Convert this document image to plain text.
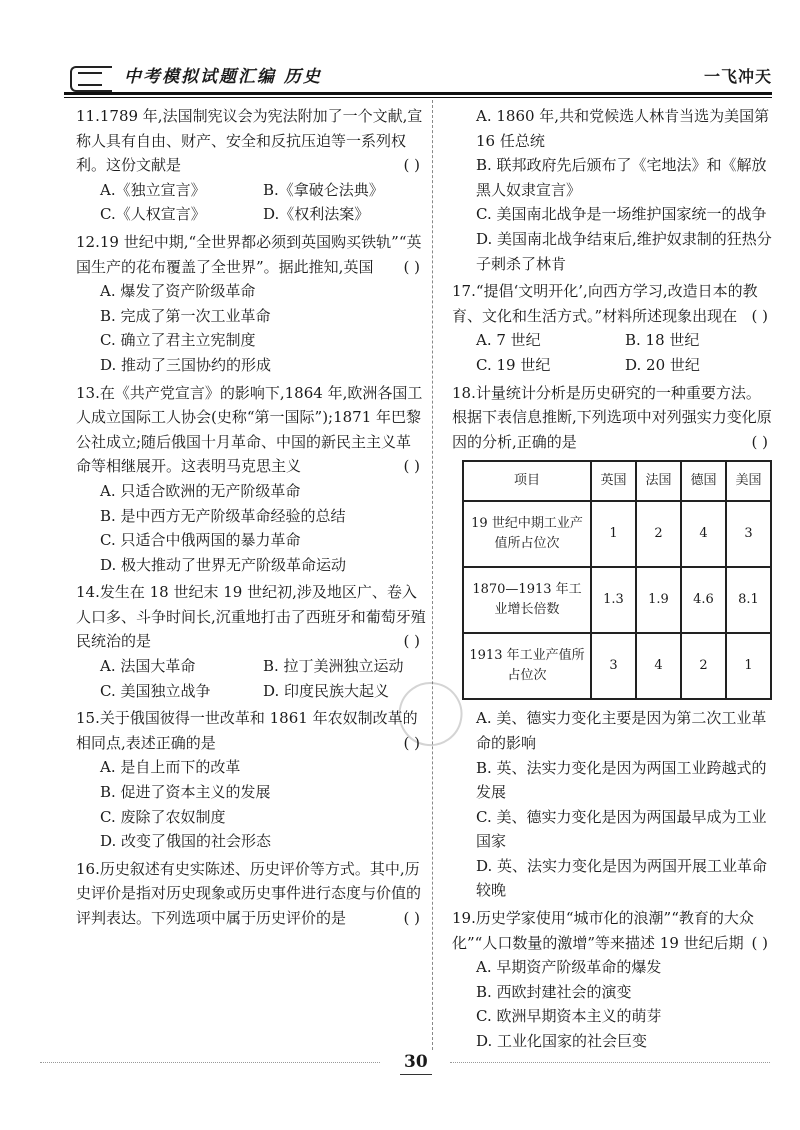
中考模拟试题汇编 历史	一飞冲天
11.1789 年,法国制宪议会为宪法附加了一个文献,宣称人具有自由、财产、安全和反抗压迫等一系列权利。这份文献是	( )
A.《独立宣言》	B.《拿破仑法典》
C.《人权宣言》	D.《权利法案》
12.19 世纪中期,“全世界都必须到英国购买铁轨”“英国生产的花布覆盖了全世界”。据此推知,英国 ( )
A. 爆发了资产阶级革命
B. 完成了第一次工业革命
C. 确立了君主立宪制度
D. 推动了三国协约的形成
13.在《共产党宣言》的影响下,1864 年,欧洲各国工人成立国际工人协会(史称“第一国际”);1871 年巴黎公社成立;随后俄国十月革命、中国的新民主主义革命等相继展开。这表明马克思主义	( )
A. 只适合欧洲的无产阶级革命
B. 是中西方无产阶级革命经验的总结
C. 只适合中俄两国的暴力革命
D. 极大推动了世界无产阶级革命运动
14.发生在 18 世纪末 19 世纪初,涉及地区广、卷入人口多、斗争时间长,沉重地打击了西班牙和葡萄牙殖民统治的是	( )
A. 法国大革命	B. 拉丁美洲独立运动
C. 美国独立战争	D. 印度民族大起义
15.关于俄国彼得一世改革和 1861 年农奴制改革的相同点,表述正确的是	( )
A. 是自上而下的改革
B. 促进了资本主义的发展
C. 废除了农奴制度
D. 改变了俄国的社会形态
16.历史叙述有史实陈述、历史评价等方式。其中,历史评价是指对历史现象或历史事件进行态度与价值的评判表达。下列选项中属于历史评价的是	( )
A. 1860 年,共和党候选人林肯当选为美国第 16 任总统
B. 联邦政府先后颁布了《宅地法》和《解放黑人奴隶宣言》
C. 美国南北战争是一场维护国家统一的战争
D. 美国南北战争结束后,维护奴隶制的狂热分子刺杀了林肯
17.“提倡‘文明开化’,向西方学习,改造日本的教育、文化和生活方式。”材料所述现象出现在 ( )
A. 7 世纪	B. 18 世纪
C. 19 世纪	D. 20 世纪
18.计量统计分析是历史研究的一种重要方法。根据下表信息推断,下列选项中对列强实力变化原因的分析,正确的是	( )
项目	英国	法国	德国	美国
19 世纪中期工业产值所占位次	1	2	4	3
1870—1913 年工业增长倍数	1.3	1.9	4.6	8.1
1913 年工业产值所占位次	3	4	2	1
A. 美、德实力变化主要是因为第二次工业革命的影响
B. 英、法实力变化是因为两国工业跨越式的发展
C. 美、德实力变化是因为两国最早成为工业国家
D. 英、法实力变化是因为两国开展工业革命较晚
19.历史学家使用“城市化的浪潮”“教育的大众化”“人口数量的激增”等来描述 19 世纪后期 ( )
A. 早期资产阶级革命的爆发
B. 西欧封建社会的演变
C. 欧洲早期资本主义的萌芽
D. 工业化国家的社会巨变
30
